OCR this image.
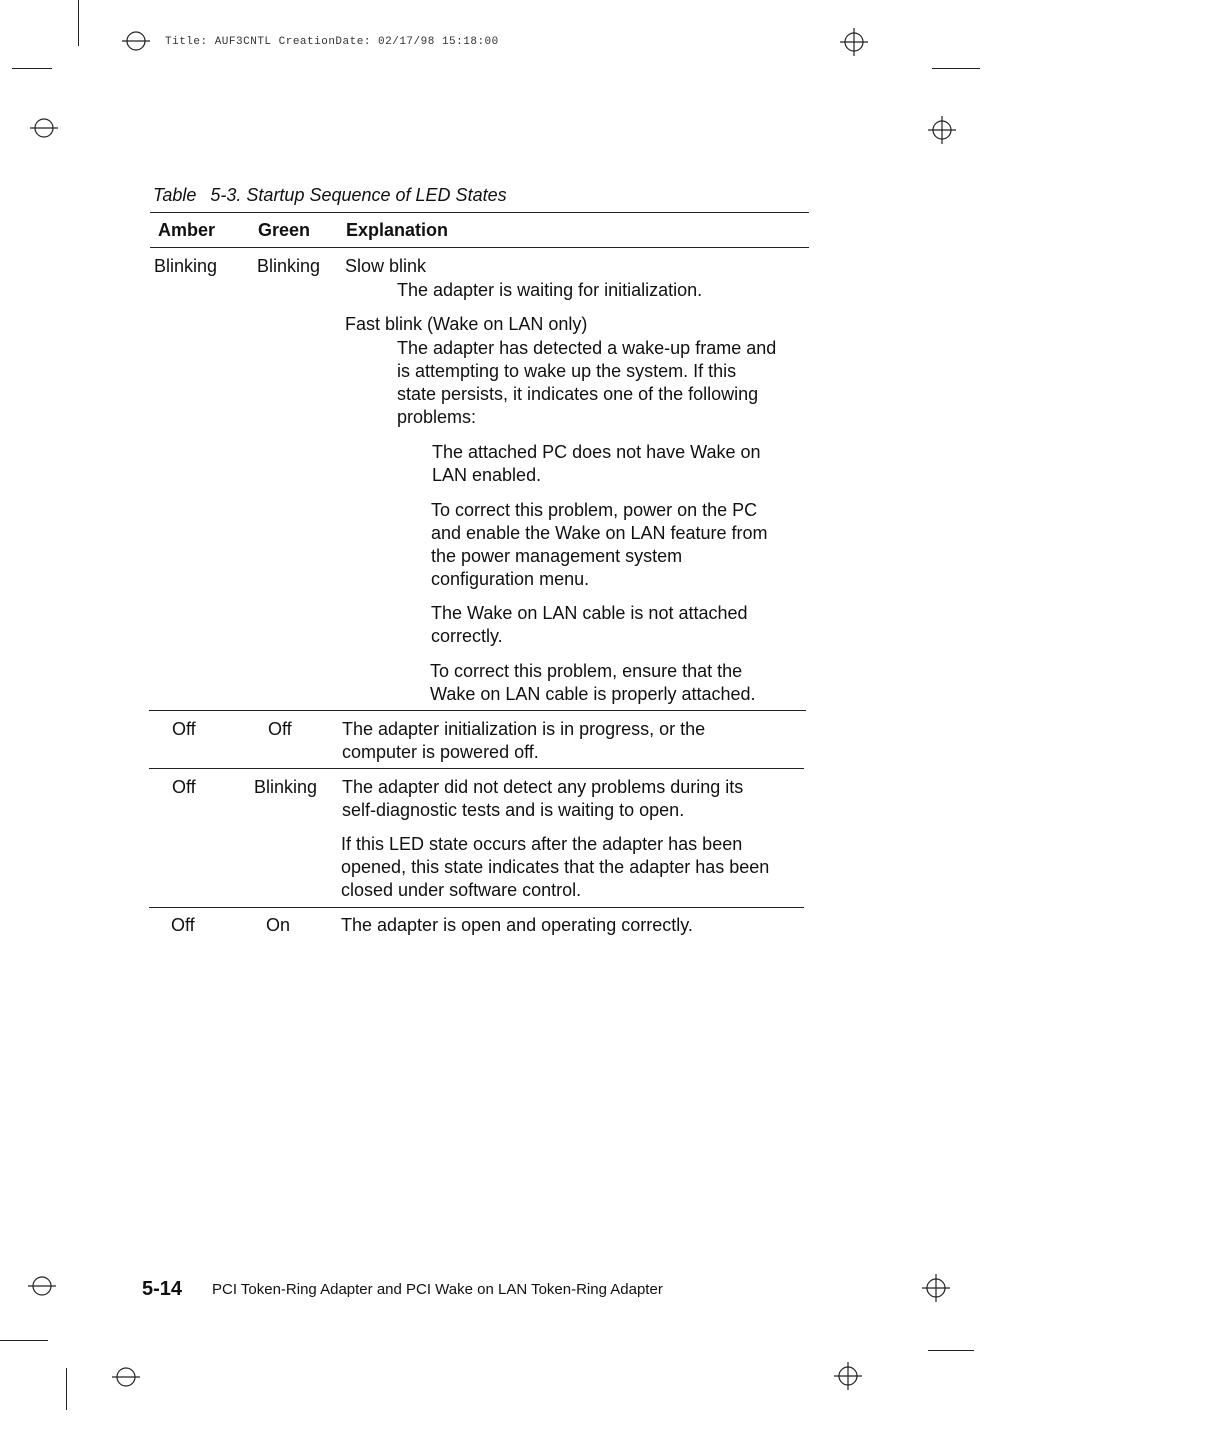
Title: AUF3CNTL CreationDate: 02/17/98 15:18:00
Table 5-3. Startup Sequence of LED States
Amber Green Explanation
Blinking Blinking Slow blink
The adapter is waiting for initialization.
Fast blink (Wake on LAN only)
The adapter has detected a wake-up frame and
is attempting to wake up the system. If this
state persists, it indicates one of the following
problems:
The attached PC does not have Wake on
LAN enabled.
To correct this problem, power on the PC
and enable the Wake on LAN feature from
the power management system
configuration menu.
The Wake on LAN cable is not attached
correctly.
To correct this problem, ensure that the
Wake on LAN cable is properly attached.
Off	Off	The adapter initialization is in progress, or the
computer is powered off.
Off	Blinking The adapter did not detect any problems during its
self-diagnostic tests and is waiting to open.
If this LED state occurs after the adapter has been
opened, this state indicates that the adapter has been
closed under software control.
Off	On	The adapter is open and operating correctly.
5-14 PCI Token-Ring Adapter and PCI Wake on LAN Token-Ring Adapter
